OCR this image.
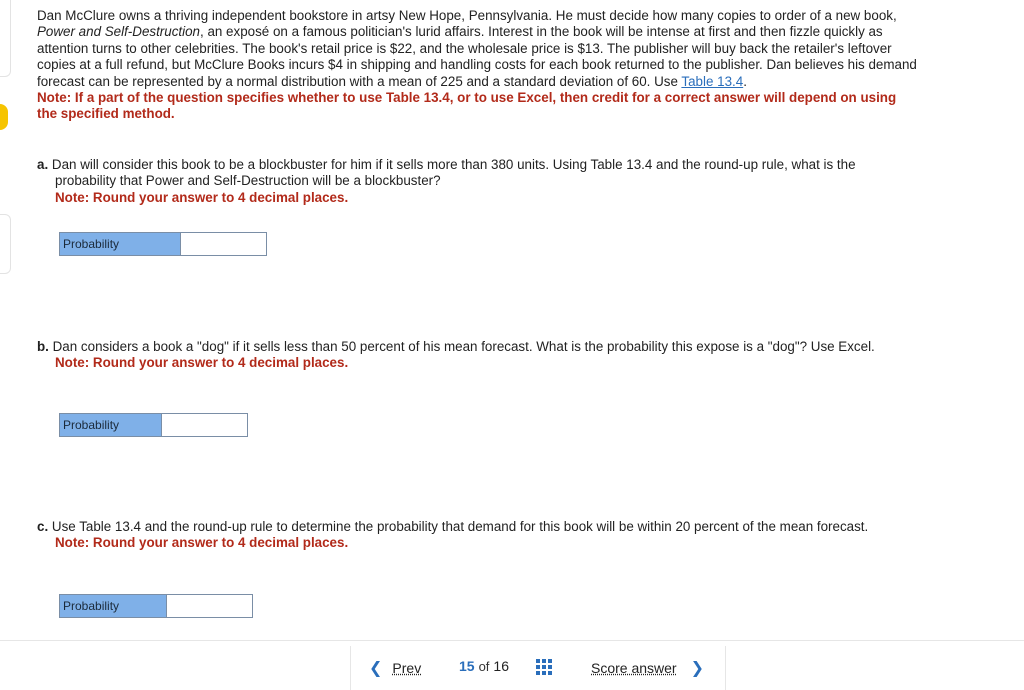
Dan McClure owns a thriving independent bookstore in artsy New Hope, Pennsylvania. He must decide how many copies to order of a new book, Power and Self-Destruction, an exposé on a famous politician's lurid affairs. Interest in the book will be intense at first and then fizzle quickly as attention turns to other celebrities. The book's retail price is $22, and the wholesale price is $13. The publisher will buy back the retailer's leftover copies at a full refund, but McClure Books incurs $4 in shipping and handling costs for each book returned to the publisher. Dan believes his demand forecast can be represented by a normal distribution with a mean of 225 and a standard deviation of 60. Use Table 13.4.

Note: If a part of the question specifies whether to use Table 13.4, or to use Excel, then credit for a correct answer will depend on using the specified method.
a. Dan will consider this book to be a blockbuster for him if it sells more than 380 units. Using Table 13.4 and the round-up rule, what is the probability that Power and Self-Destruction will be a blockbuster?
Note: Round your answer to 4 decimal places.
Probability
b. Dan considers a book a "dog" if it sells less than 50 percent of his mean forecast. What is the probability this expose is a "dog"? Use Excel.
Note: Round your answer to 4 decimal places.
Probability
c. Use Table 13.4 and the round-up rule to determine the probability that demand for this book will be within 20 percent of the mean forecast.
Note: Round your answer to 4 decimal places.
Probability
❮ Prev	15 of 16	Score answer ❯
